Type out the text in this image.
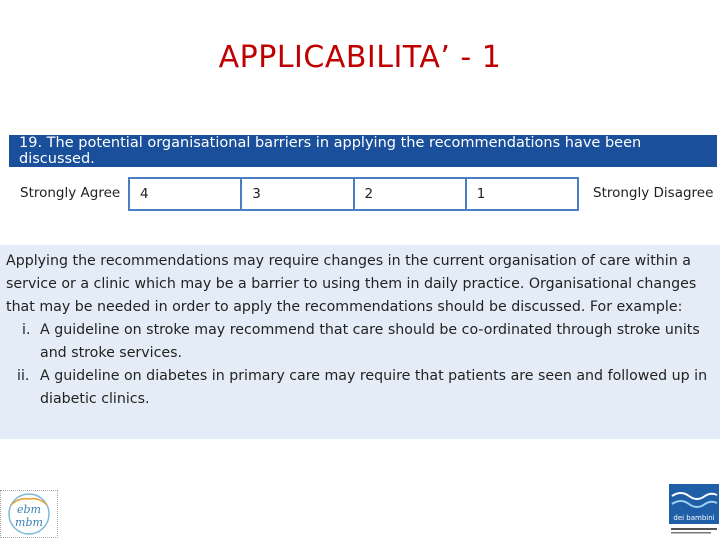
APPLICABILITA’ - 1
19. The potential organisational barriers in applying the recommendations have been discussed.
Strongly Agree	4	3	2	1	Strongly Disagree

Applying the recommendations may require changes in the current organisation of care within a service or a clinic which may be a barrier to using them in daily practice. Organisational changes that may be needed in order to apply the recommendations should be discussed. For example:

i. A guideline on stroke may recommend that care should be co-ordinated through stroke units and stroke services.
ii. A guideline on diabetes in primary care may require that patients are seen and followed up in diabetic clinics.
ebm
mbm	dei bambini
